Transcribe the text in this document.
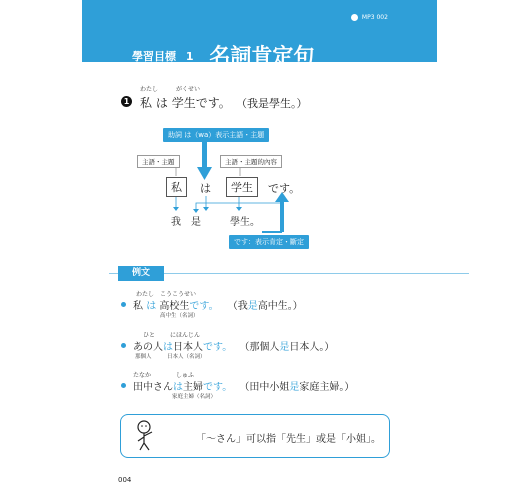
學習目標 1 名詞肯定句
MP3 002
わたし	がくせい
1 私 は 学生です。 （我是學生。）
助詞 は（wa）表示主語・主題
主語・主題	主語・主題的內容
私	は	学生	です。
我 是	學生。
です：表示肯定・斷定
例文
わたし こうこうせい
私 は 高校生です。 （我是高中生。）
高中生（名詞）
ひと にほんじん
あの人は日本人です。 （那個人是日本人。）
那個人	日本人（名詞）
たなか	しゅふ
田中さんは主婦です。 （田中小姐是家庭主婦。）
家庭主婦（名詞）
「～さん」可以指「先生」或是「小姐」。
004
